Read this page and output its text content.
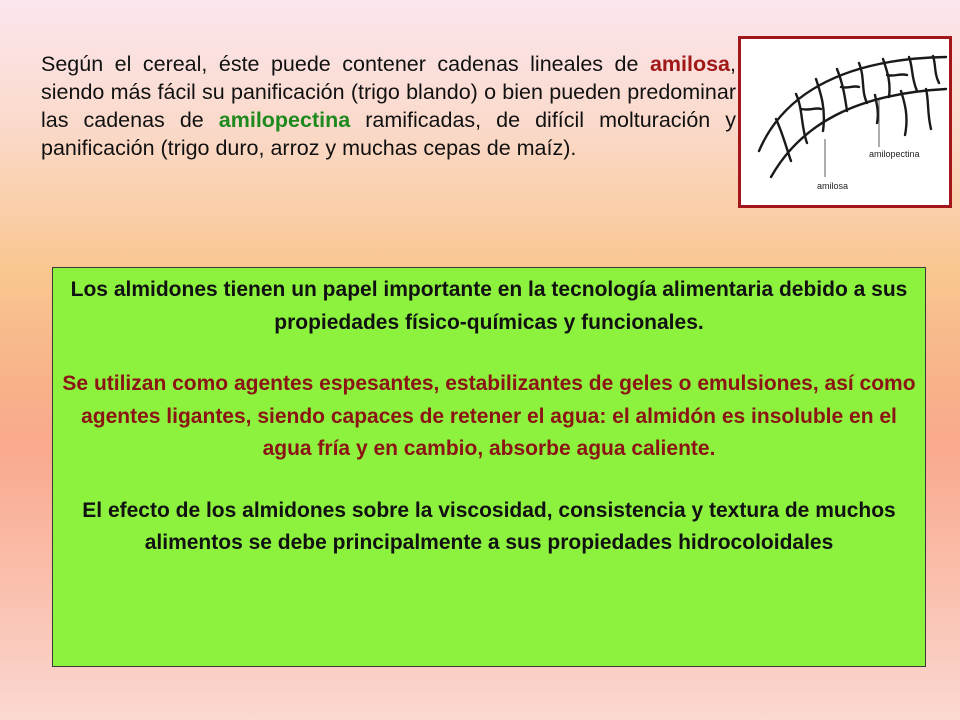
Según el cereal, éste puede contener cadenas lineales de amilosa, siendo más fácil su panificación (trigo blando) o bien pueden predominar las cadenas de amilopectina ramificadas, de difícil molturación y panificación (trigo duro, arroz y muchas cepas de maíz).	amilopectina
amilosa

Los almidones tienen un papel importante en la tecnología alimentaria debido a sus propiedades físico-químicas y funcionales.

Se utilizan como agentes espesantes, estabilizantes de geles o emulsiones, así como agentes ligantes, siendo capaces de retener el agua: el almidón es insoluble en el agua fría y en cambio, absorbe agua caliente.

El efecto de los almidones sobre la viscosidad, consistencia y textura de muchos alimentos se debe principalmente a sus propiedades hidrocoloidales
